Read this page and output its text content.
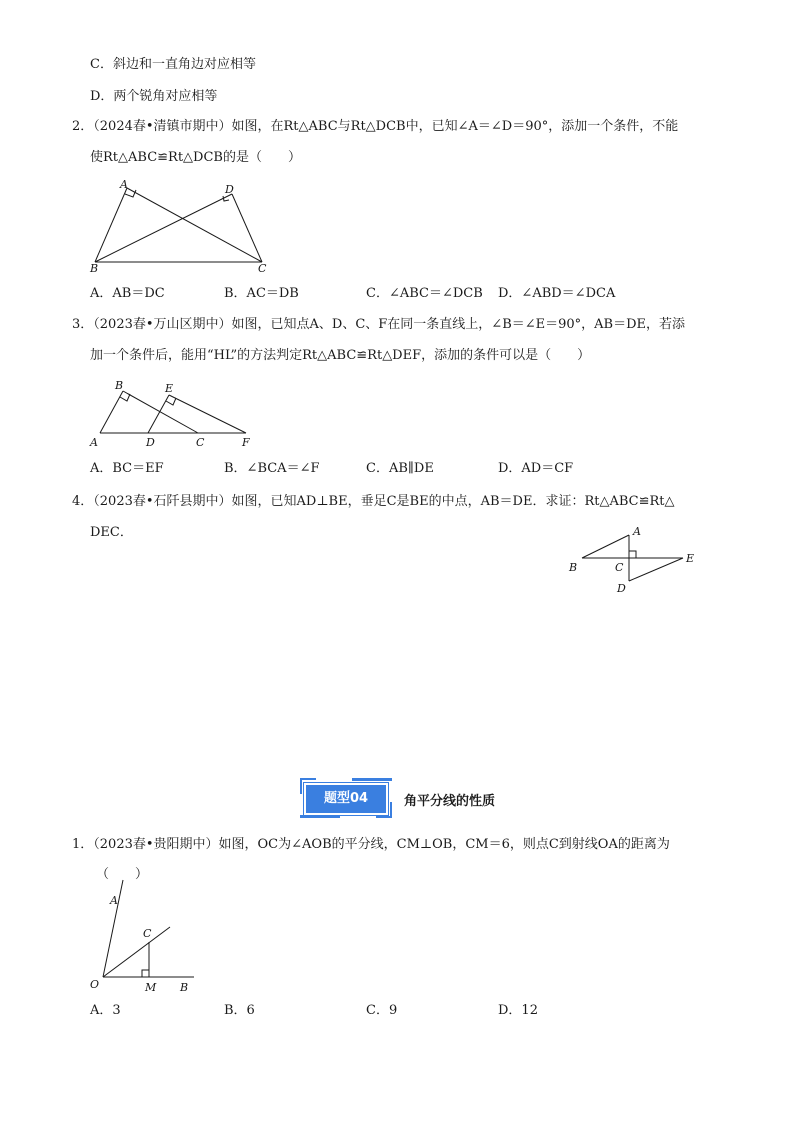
C．斜边和一直角边对应相等
D．两个锐角对应相等
2．（2024春•清镇市期中）如图，在Rt△ABC与Rt△DCB中，已知∠A＝∠D＝90°，添加一个条件，不能
使Rt△ABC≌Rt△DCB的是（　　）
A	D
B	C
B	E
A	D	C	F
A
B	C
E
D
A
C
O	M B
A．AB＝DC	B．AC＝DB	C．∠ABC＝∠DCB D．∠ABD＝∠DCA
3．（2023春•万山区期中）如图，已知点A、D、C、F在同一条直线上，∠B＝∠E＝90°，AB＝DE，若添
加一个条件后，能用“HL”的方法判定Rt△ABC≌Rt△DEF，添加的条件可以是（　　）
A．BC＝EF	B．∠BCA＝∠F	C．AB∥DE	D．AD＝CF
4．（2023春•石阡县期中）如图，已知AD⊥BE，垂足C是BE的中点，AB＝DE．求证：Rt△ABC≌Rt△
DEC．
题型04	角平分线的性质
1．（2023春•贵阳期中）如图，OC为∠AOB的平分线，CM⊥OB，CM＝6，则点C到射线OA的距离为
（　　）
A．3	B．6	C．9	D．12
